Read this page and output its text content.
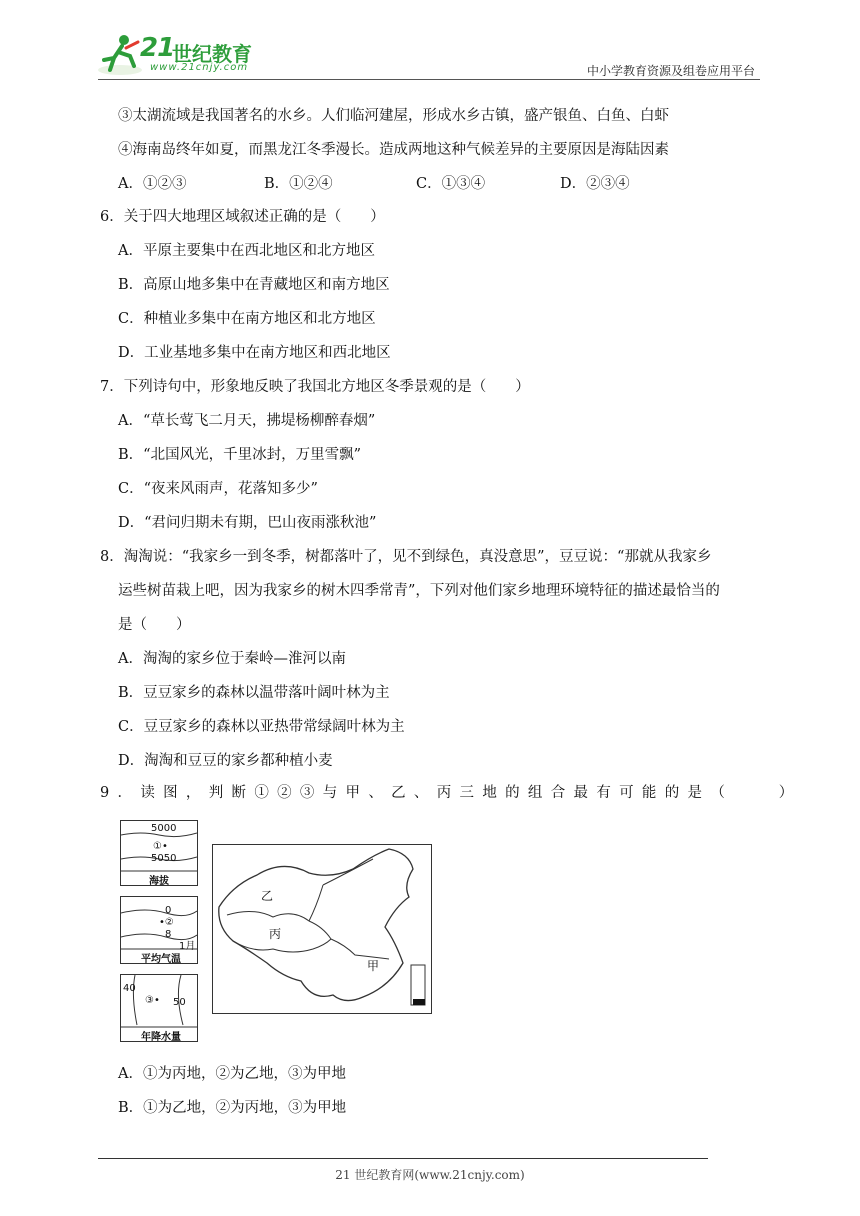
21
世纪教育
www.21cnjy.com	中小学教育资源及组卷应用平台
③太湖流域是我国著名的水乡。人们临河建屋，形成水乡古镇，盛产银鱼、白鱼、白虾
④海南岛终年如夏，而黑龙江冬季漫长。造成两地这种气候差异的主要原因是海陆因素
A．①②③	B．①②④	C．①③④	D．②③④
6．关于四大地理区域叙述正确的是（　　）
A．平原主要集中在西北地区和北方地区
B．高原山地多集中在青藏地区和南方地区
C．种植业多集中在南方地区和北方地区
D．工业基地多集中在南方地区和西北地区
7．下列诗句中，形象地反映了我国北方地区冬季景观的是（　　）
A．“草长莺飞二月天，拂堤杨柳醉春烟”
B．“北国风光，千里冰封，万里雪飘”
C．“夜来风雨声，花落知多少”
D．“君问归期未有期，巴山夜雨涨秋池”
8．淘淘说：“我家乡一到冬季，树都落叶了，见不到绿色，真没意思”，豆豆说：“那就从我家乡
运些树苗栽上吧，因为我家乡的树木四季常青”，下列对他们家乡地理环境特征的描述最恰当的
是（　　）
A．淘淘的家乡位于秦岭—淮河以南
B．豆豆家乡的森林以温带落叶阔叶林为主
C．豆豆家乡的森林以亚热带常绿阔叶林为主
D．淘淘和豆豆的家乡都种植小麦
9．读图，判断①②③与甲、乙、丙三地的组合最有可能的是（　　）
5000
①•
5050
海拔
0
•②
8
1月
平均气温
40
③• 50
年降水量
乙
丙
甲
A．①为丙地，②为乙地，③为甲地
B．①为乙地，②为丙地，③为甲地
21 世纪教育网(www.21cnjy.com)
